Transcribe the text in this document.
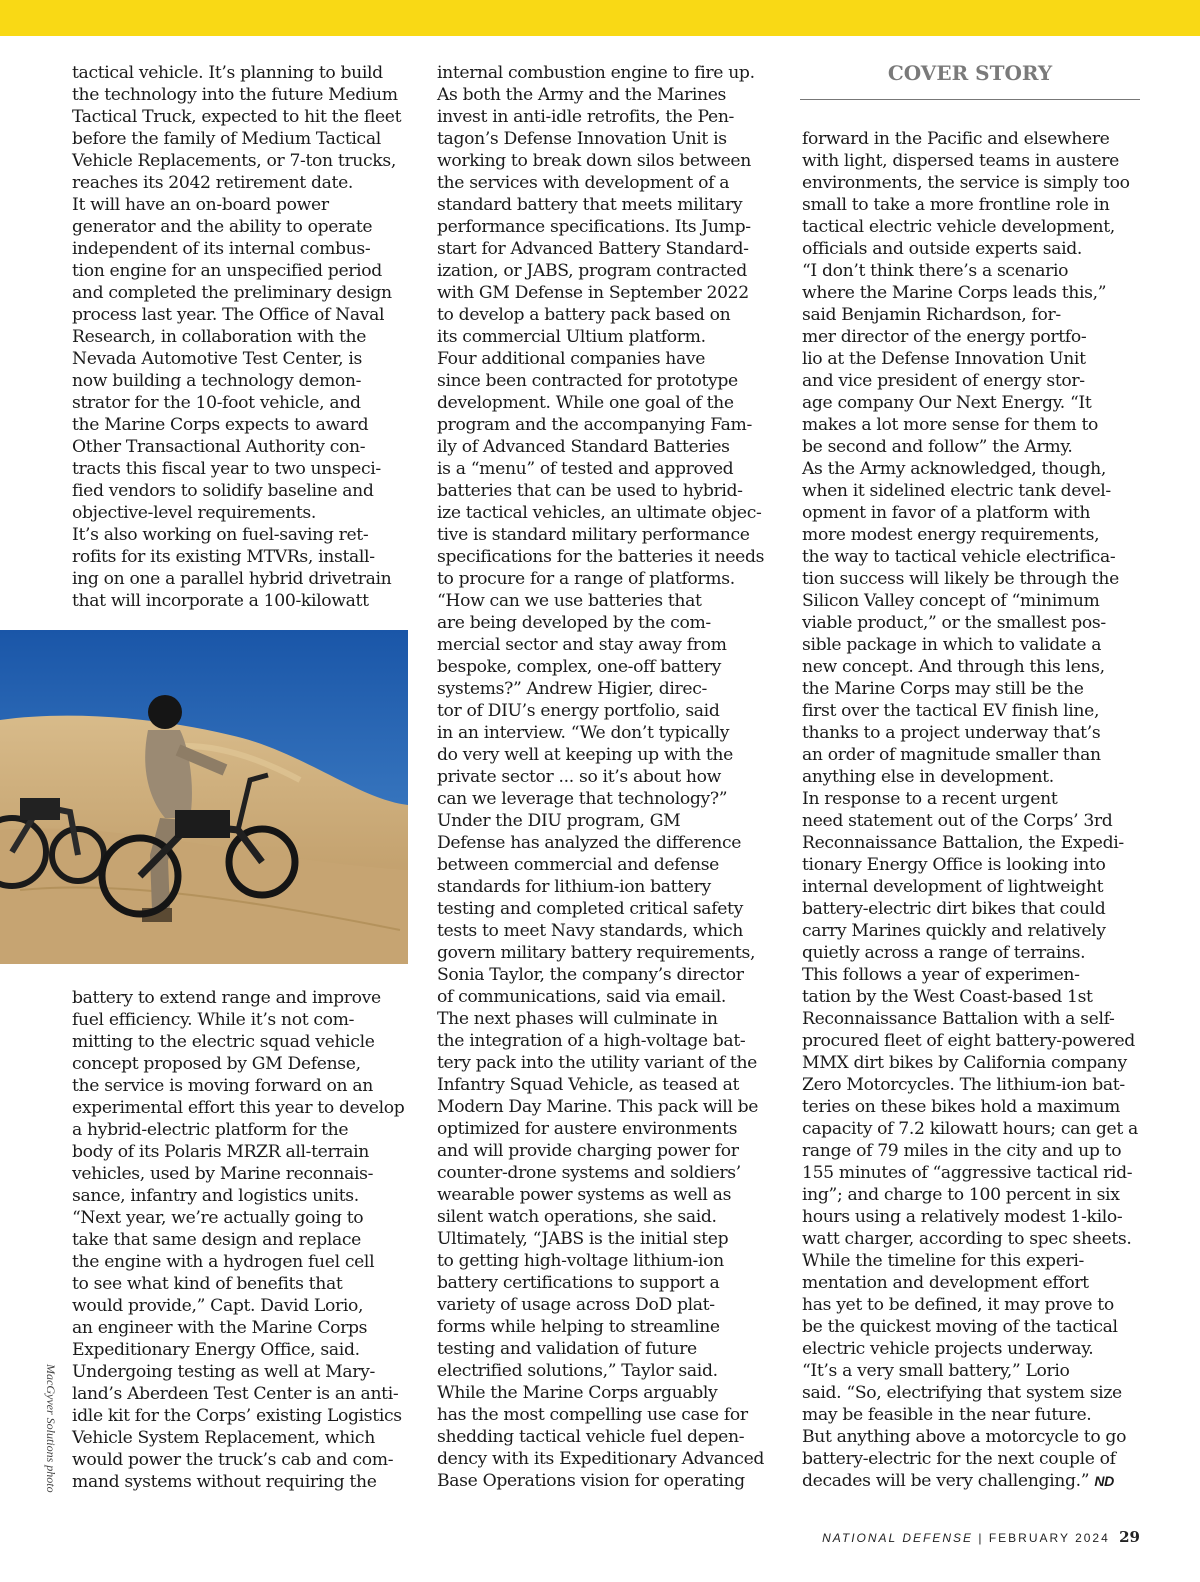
COVER STORY

tactical vehicle. It’s planning to build
the technology into the future Medium
Tactical Truck, expected to hit the fleet
before the family of Medium Tactical
Vehicle Replacements, or 7-ton trucks,
reaches its 2042 retirement date.
It will have an on-board power
generator and the ability to operate
independent of its internal combus-
tion engine for an unspecified period
and completed the preliminary design
process last year. The Office of Naval
Research, in collaboration with the
Nevada Automotive Test Center, is
now building a technology demon-
strator for the 10-foot vehicle, and
the Marine Corps expects to award
Other Transactional Authority con-
tracts this fiscal year to two unspeci-
fied vendors to solidify baseline and
objective-level requirements.
It’s also working on fuel-saving ret-
rofits for its existing MTVRs, install-
ing on one a parallel hybrid drivetrain
that will incorporate a 100-kilowatt

battery to extend range and improve
fuel efficiency. While it’s not com-
mitting to the electric squad vehicle
concept proposed by GM Defense,
the service is moving forward on an
experimental effort this year to develop
a hybrid-electric platform for the
body of its Polaris MRZR all-terrain
vehicles, used by Marine reconnais-
sance, infantry and logistics units.
“Next year, we’re actually going to
take that same design and replace
the engine with a hydrogen fuel cell
to see what kind of benefits that
would provide,” Capt. David Lorio,
an engineer with the Marine Corps
Expeditionary Energy Office, said.
Undergoing testing as well at Mary-
land’s Aberdeen Test Center is an anti-
idle kit for the Corps’ existing Logistics
Vehicle System Replacement, which
would power the truck’s cab and com-
mand systems without requiring the

internal combustion engine to fire up.
As both the Army and the Marines
invest in anti-idle retrofits, the Pen-
tagon’s Defense Innovation Unit is
working to break down silos between
the services with development of a
standard battery that meets military
performance specifications. Its Jump-
start for Advanced Battery Standard-
ization, or JABS, program contracted
with GM Defense in September 2022
to develop a battery pack based on
its commercial Ultium platform.
Four additional companies have
since been contracted for prototype
development. While one goal of the
program and the accompanying Fam-
ily of Advanced Standard Batteries
is a “menu” of tested and approved
batteries that can be used to hybrid-
ize tactical vehicles, an ultimate objec-
tive is standard military performance
specifications for the batteries it needs
to procure for a range of platforms.
“How can we use batteries that
are being developed by the com-
mercial sector and stay away from
bespoke, complex, one-off battery
systems?” Andrew Higier, direc-
tor of DIU’s energy portfolio, said
in an interview. “We don’t typically
do very well at keeping up with the
private sector ... so it’s about how
can we leverage that technology?”
Under the DIU program, GM
Defense has analyzed the difference
between commercial and defense
standards for lithium-ion battery
testing and completed critical safety
tests to meet Navy standards, which
govern military battery requirements,
Sonia Taylor, the company’s director
of communications, said via email.
The next phases will culminate in
the integration of a high-voltage bat-
tery pack into the utility variant of the
Infantry Squad Vehicle, as teased at
Modern Day Marine. This pack will be
optimized for austere environments
and will provide charging power for
counter-drone systems and soldiers’
wearable power systems as well as
silent watch operations, she said.
Ultimately, “JABS is the initial step
to getting high-voltage lithium-ion
battery certifications to support a
variety of usage across DoD plat-
forms while helping to streamline
testing and validation of future
electrified solutions,” Taylor said.
While the Marine Corps arguably
has the most compelling use case for
shedding tactical vehicle fuel depen-
dency with its Expeditionary Advanced
Base Operations vision for operating

forward in the Pacific and elsewhere
with light, dispersed teams in austere
environments, the service is simply too
small to take a more frontline role in
tactical electric vehicle development,
officials and outside experts said.
“I don’t think there’s a scenario
where the Marine Corps leads this,”
said Benjamin Richardson, for-
mer director of the energy portfo-
lio at the Defense Innovation Unit
and vice president of energy stor-
age company Our Next Energy. “It
makes a lot more sense for them to
be second and follow” the Army.
As the Army acknowledged, though,
when it sidelined electric tank devel-
opment in favor of a platform with
more modest energy requirements,
the way to tactical vehicle electrifica-
tion success will likely be through the
Silicon Valley concept of “minimum
viable product,” or the smallest pos-
sible package in which to validate a
new concept. And through this lens,
the Marine Corps may still be the
first over the tactical EV finish line,
thanks to a project underway that’s
an order of magnitude smaller than
anything else in development.
In response to a recent urgent
need statement out of the Corps’ 3rd
Reconnaissance Battalion, the Expedi-
tionary Energy Office is looking into
internal development of lightweight
battery-electric dirt bikes that could
carry Marines quickly and relatively
quietly across a range of terrains.
This follows a year of experimen-
tation by the West Coast-based 1st
Reconnaissance Battalion with a self-
procured fleet of eight battery-powered
MMX dirt bikes by California company
Zero Motorcycles. The lithium-ion bat-
teries on these bikes hold a maximum
capacity of 7.2 kilowatt hours; can get a
range of 79 miles in the city and up to
155 minutes of “aggressive tactical rid-
ing”; and charge to 100 percent in six
hours using a relatively modest 1-kilo-
watt charger, according to spec sheets.
While the timeline for this experi-
mentation and development effort
has yet to be defined, it may prove to
be the quickest moving of the tactical
electric vehicle projects underway.
“It’s a very small battery,” Lorio
said. “So, electrifying that system size
may be feasible in the near future.
But anything above a motorcycle to go
battery-electric for the next couple of
decades will be very challenging.” ND

MacGyver Solutions photo
NATIONAL DEFENSE | FEBRUARY 2024 29
